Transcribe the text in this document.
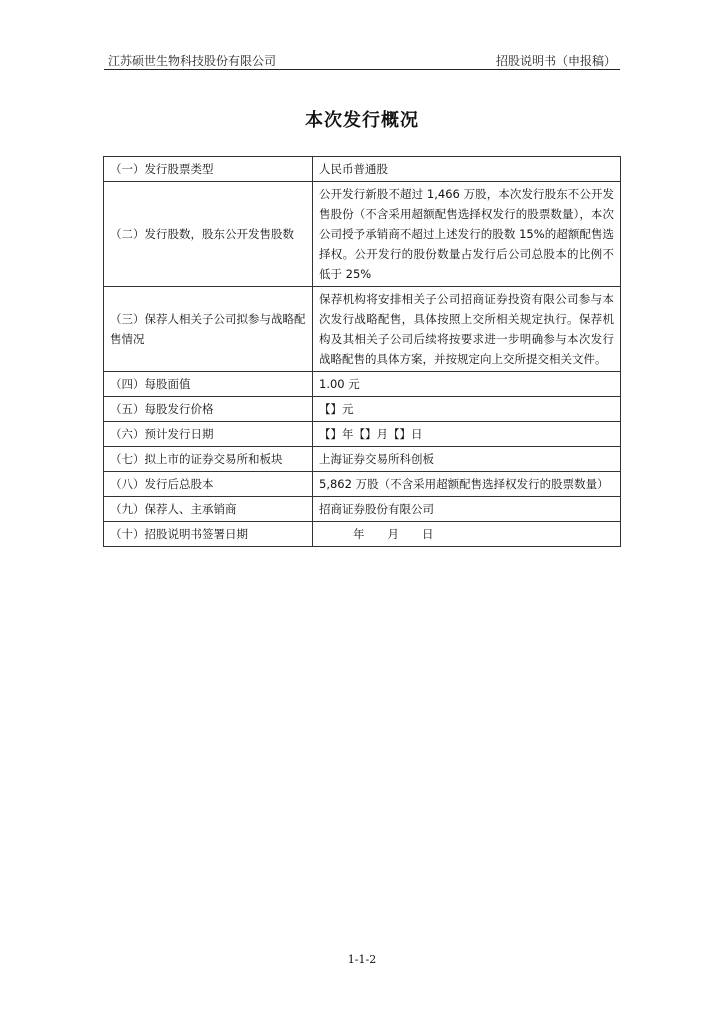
江苏硕世生物科技股份有限公司	招股说明书（申报稿）
本次发行概况
（一）发行股票类型	人民币普通股
（二）发行股数，股东公开发售股数	公开发行新股不超过 1,466 万股，本次发行股东不公开发售股份（不含采用超额配售选择权发行的股票数量），本次公司授予承销商不超过上述发行的股数 15%的超额配售选择权。公开发行的股份数量占发行后公司总股本的比例不低于 25%
（三）保荐人相关子公司拟参与战略配售情况	保荐机构将安排相关子公司招商证券投资有限公司参与本次发行战略配售，具体按照上交所相关规定执行。保荐机构及其相关子公司后续将按要求进一步明确参与本次发行战略配售的具体方案，并按规定向上交所提交相关文件。
（四）每股面值	1.00 元
（五）每股发行价格	【】元
（六）预计发行日期	【】年【】月【】日
（七）拟上市的证券交易所和板块	上海证券交易所科创板
（八）发行后总股本	5,862 万股（不含采用超额配售选择权发行的股票数量）
（九）保荐人、主承销商	招商证券股份有限公司
（十）招股说明书签署日期	年　　月　　日
1-1-2
